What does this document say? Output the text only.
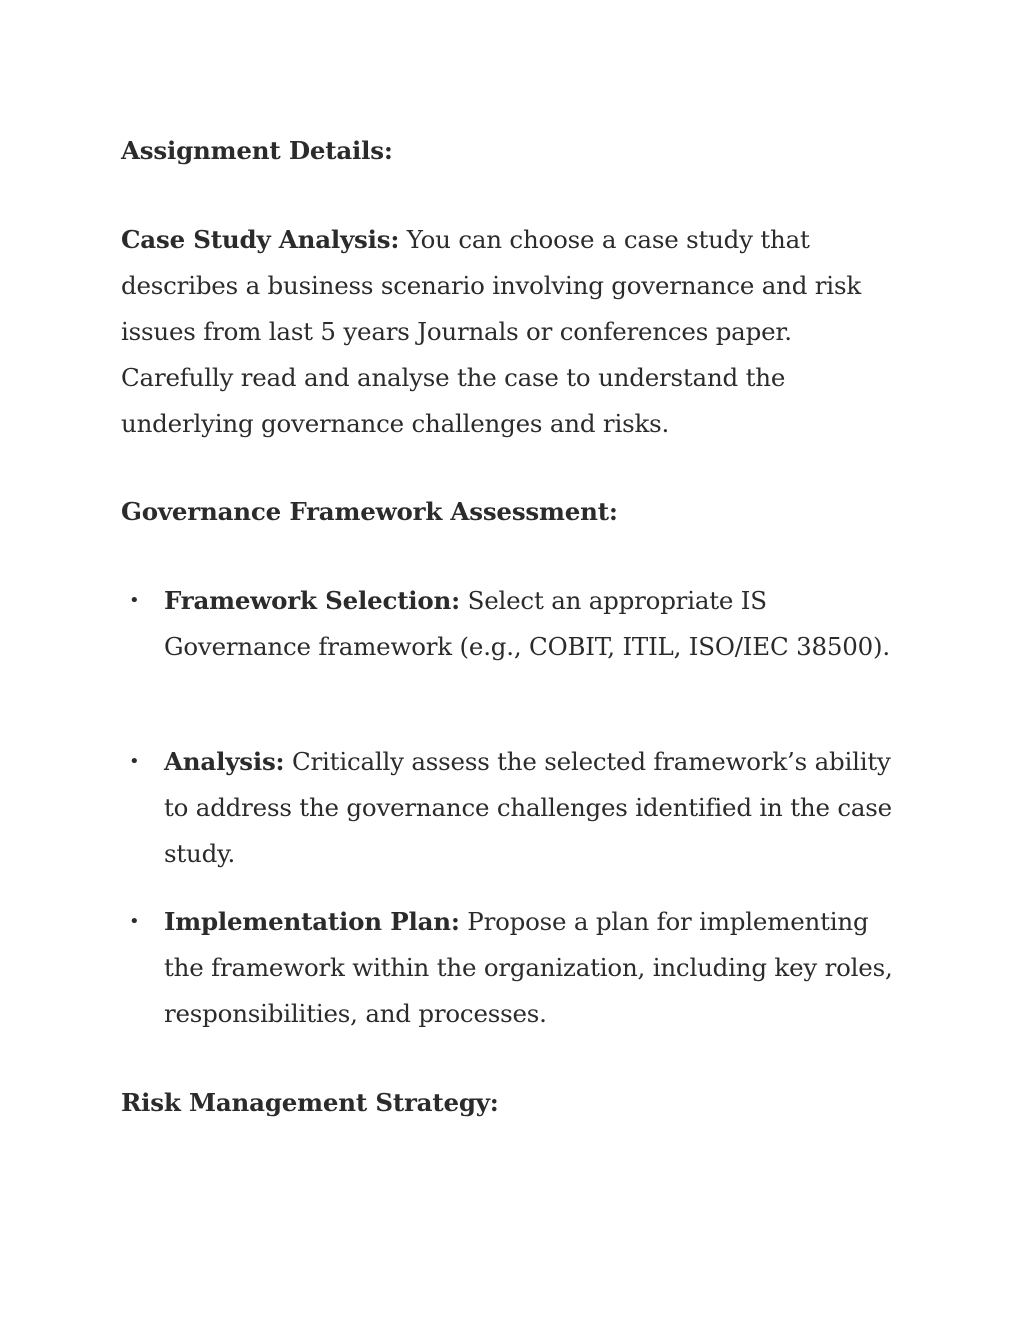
Assignment Details:
Case Study Analysis: You can choose a case study that describes a business scenario involving governance and risk issues from last 5 years Journals or conferences paper. Carefully read and analyse the case to understand the underlying governance challenges and risks.
Governance Framework Assessment:
• Framework Selection: Select an appropriate IS Governance framework (e.g., COBIT, ITIL, ISO/IEC 38500).
• Analysis: Critically assess the selected framework’s ability to address the governance challenges identified in the case study.
• Implementation Plan: Propose a plan for implementing the framework within the organization, including key roles, responsibilities, and processes.
Risk Management Strategy:
